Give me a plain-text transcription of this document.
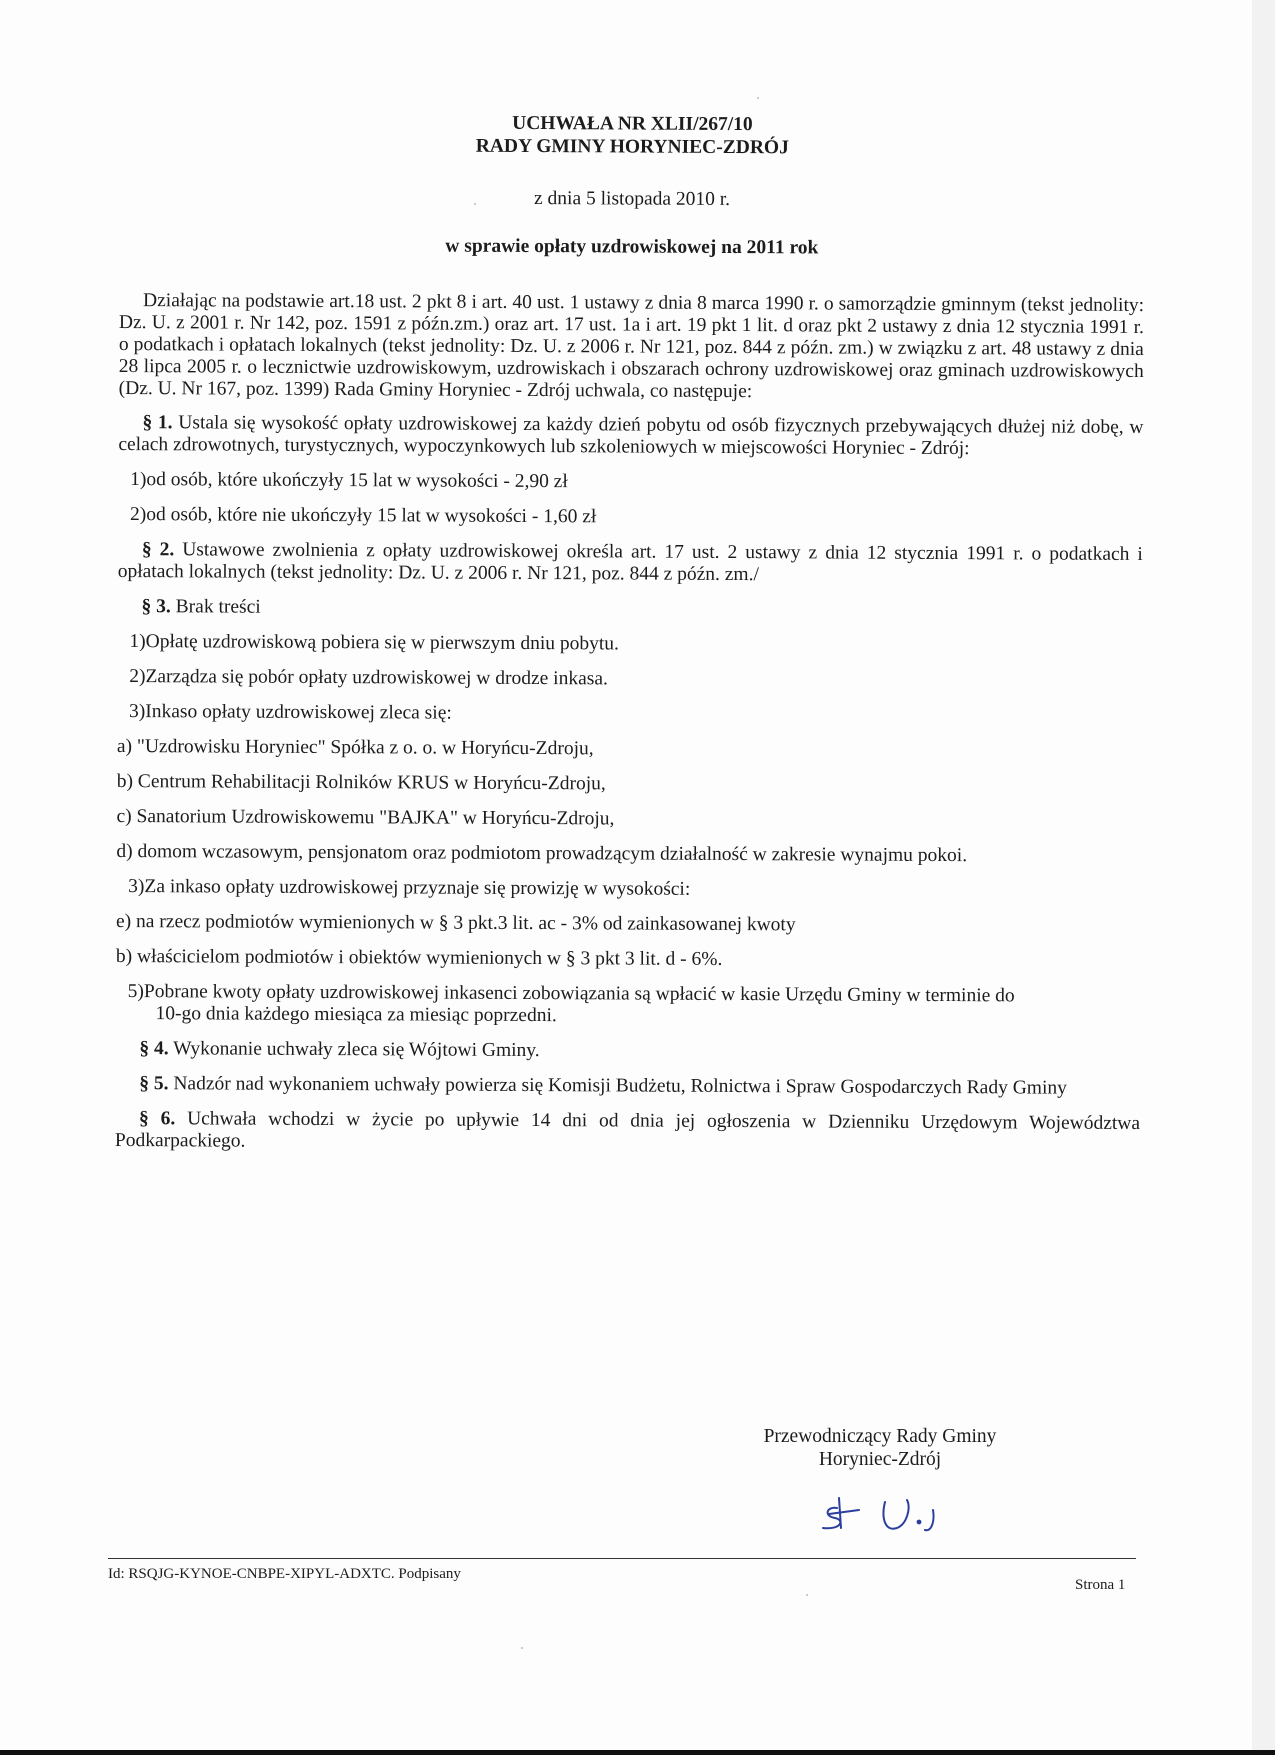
UCHWAŁA NR XLII/267/10
RADY GMINY HORYNIEC-ZDRÓJ
z dnia 5 listopada 2010 r.
w sprawie opłaty uzdrowiskowej na 2011 rok

Działając na podstawie art.18 ust. 2 pkt 8 i art. 40 ust. 1 ustawy z dnia 8 marca 1990 r. o samorządzie gminnym (tekst jednolity: Dz. U. z 2001 r. Nr 142, poz. 1591 z późn.zm.) oraz art. 17 ust. 1a i art. 19 pkt 1 lit. d oraz pkt 2 ustawy z dnia 12 stycznia 1991 r. o podatkach i opłatach lokalnych (tekst jednolity: Dz. U. z 2006 r. Nr 121, poz. 844 z późn. zm.) w związku z art. 48 ustawy z dnia 28 lipca 2005 r. o lecznictwie uzdrowiskowym, uzdrowiskach i obszarach ochrony uzdrowiskowej oraz gminach uzdrowiskowych (Dz. U. Nr 167, poz. 1399) Rada Gminy Horyniec - Zdrój uchwala, co następuje:

§ 1. Ustala się wysokość opłaty uzdrowiskowej za każdy dzień pobytu od osób fizycznych przebywających dłużej niż dobę, w celach zdrowotnych, turystycznych, wypoczynkowych lub szkoleniowych w miejscowości Horyniec - Zdrój:

1)od osób, które ukończyły 15 lat w wysokości - 2,90 zł

2)od osób, które nie ukończyły 15 lat w wysokości - 1,60 zł

§ 2. Ustawowe zwolnienia z opłaty uzdrowiskowej określa art. 17 ust. 2 ustawy z dnia 12 stycznia 1991 r. o podatkach i opłatach lokalnych (tekst jednolity: Dz. U. z 2006 r. Nr 121, poz. 844 z późn. zm./

§ 3. Brak treści

1)Opłatę uzdrowiskową pobiera się w pierwszym dniu pobytu.

2)Zarządza się pobór opłaty uzdrowiskowej w drodze inkasa.

3)Inkaso opłaty uzdrowiskowej zleca się:

a) "Uzdrowisku Horyniec" Spółka z o. o. w Horyńcu-Zdroju,

b) Centrum Rehabilitacji Rolników KRUS w Horyńcu-Zdroju,

c) Sanatorium Uzdrowiskowemu "BAJKA" w Horyńcu-Zdroju,

d) domom wczasowym, pensjonatom oraz podmiotom prowadzącym działalność w zakresie wynajmu pokoi.

3)Za inkaso opłaty uzdrowiskowej przyznaje się prowizję w wysokości:

e) na rzecz podmiotów wymienionych w § 3 pkt.3 lit. ac - 3% od zainkasowanej kwoty

b) właścicielom podmiotów i obiektów wymienionych w § 3 pkt 3 lit. d - 6%.

5)Pobrane kwoty opłaty uzdrowiskowej inkasenci zobowiązania są wpłacić w kasie Urzędu Gminy w terminie do
10-go dnia każdego miesiąca za miesiąc poprzedni.

§ 4. Wykonanie uchwały zleca się Wójtowi Gminy.

§ 5. Nadzór nad wykonaniem uchwały powierza się Komisji Budżetu, Rolnictwa i Spraw Gospodarczych Rady Gminy

§ 6. Uchwała wchodzi w życie po upływie 14 dni od dnia jej ogłoszenia w Dzienniku Urzędowym Województwa Podkarpackiego.

Przewodniczący Rady Gminy
Horyniec-Zdrój
Id: RSQJG-KYNOE-CNBPE-XIPYL-ADXTC. Podpisany
Strona 1
